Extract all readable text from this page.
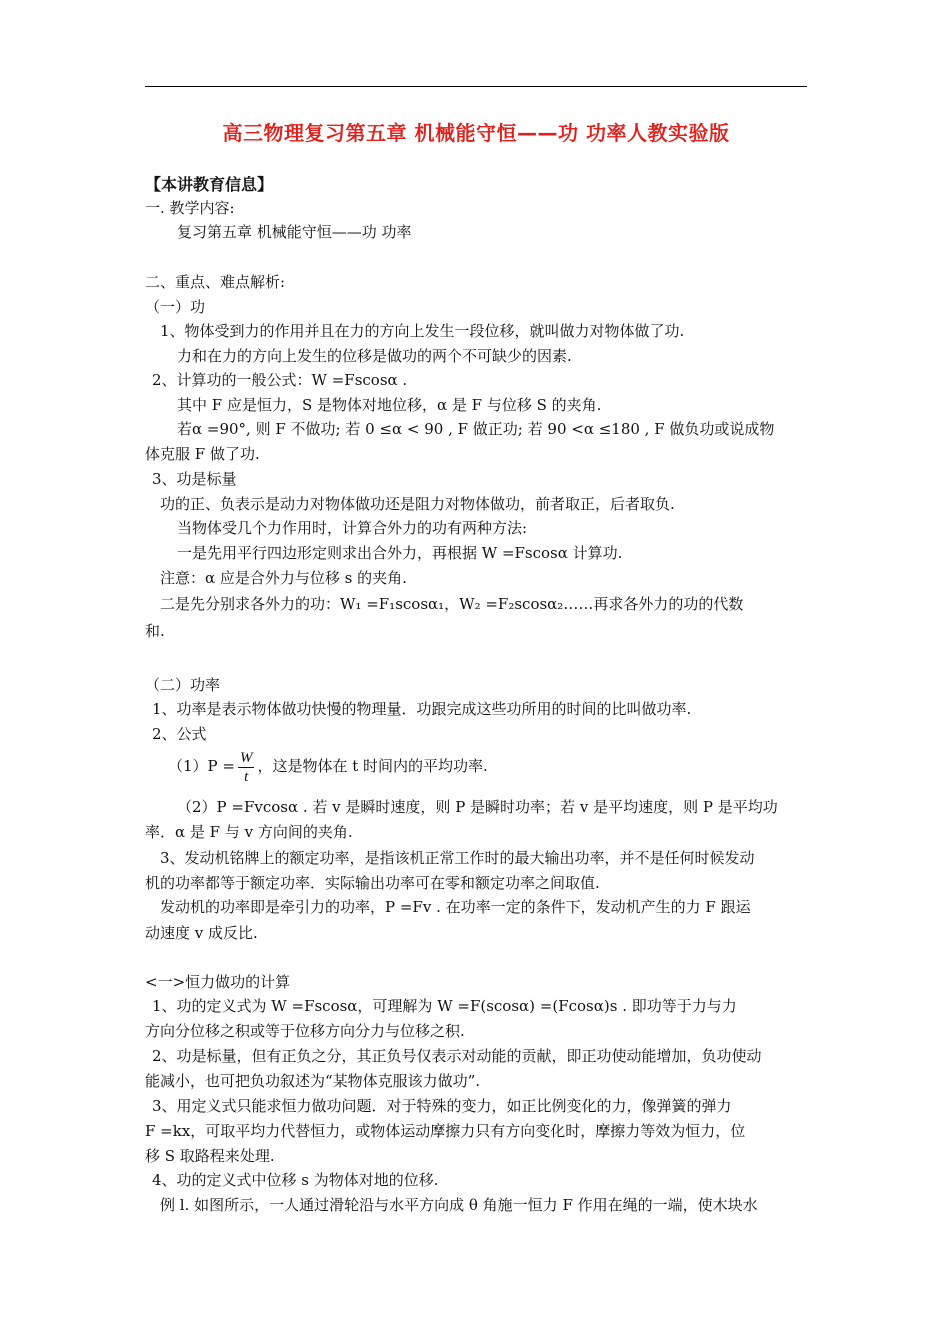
高三物理复习第五章 机械能守恒——功 功率人教实验版
【本讲教育信息】
一. 教学内容:
复习第五章 机械能守恒——功 功率
二、重点、难点解析:
（一）功
1、物体受到力的作用并且在力的方向上发生一段位移，就叫做力对物体做了功.
力和在力的方向上发生的位移是做功的两个不可缺少的因素.
2、计算功的一般公式：W =Fscosα .
其中 F 应是恒力，S 是物体对地位移，α 是 F 与位移 S 的夹角.
若α =90°, 则 F 不做功; 若 0 ≤α < 90 , F 做正功; 若 90 <α ≤180 , F 做负功或说成物
体克服 F 做了功.
3、功是标量
功的正、负表示是动力对物体做功还是阻力对物体做功，前者取正，后者取负.
当物体受几个力作用时，计算合外力的功有两种方法:
一是先用平行四边形定则求出合外力，再根据 W =Fscosα 计算功.
注意：α 应是合外力与位移 s 的夹角.
二是先分别求各外力的功：W₁ =F₁scosα₁，W₂ =F₂scosα₂……再求各外力的功的代数
和.
（二）功率
1、功率是表示物体做功快慢的物理量．功跟完成这些功所用的时间的比叫做功率.
2、公式
$(1)P = \frac{W}{t}$ ，这是物体在 t 时间内的平均功率.
（2）P =Fvcosα . 若 v 是瞬时速度，则 P 是瞬时功率；若 v 是平均速度，则 P 是平均功
率．α 是 F 与 v 方向间的夹角.
3、发动机铭牌上的额定功率，是指该机正常工作时的最大输出功率，并不是任何时候发动
机的功率都等于额定功率．实际输出功率可在零和额定功率之间取值.
发动机的功率即是牵引力的功率，P =Fv . 在功率一定的条件下，发动机产生的力 F 跟运
动速度 v 成反比.
<一>恒力做功的计算
1、功的定义式为 W =Fscosα，可理解为 W =F(scosα) =(Fcosα)s . 即功等于力与力
方向分位移之积或等于位移方向分力与位移之积.
2、功是标量，但有正负之分，其正负号仅表示对动能的贡献，即正功使动能增加，负功使动
能减小，也可把负功叙述为“某物体克服该力做功”.
3、用定义式只能求恒力做功问题．对于特殊的变力，如正比例变化的力，像弹簧的弹力
F =kx，可取平均力代替恒力，或物体运动摩擦力只有方向变化时，摩擦力等效为恒力，位
移 S 取路程来处理.
4、功的定义式中位移 s 为物体对地的位移.
例 l. 如图所示，一人通过滑轮沿与水平方向成 θ 角施一恒力 F 作用在绳的一端，使木块水
